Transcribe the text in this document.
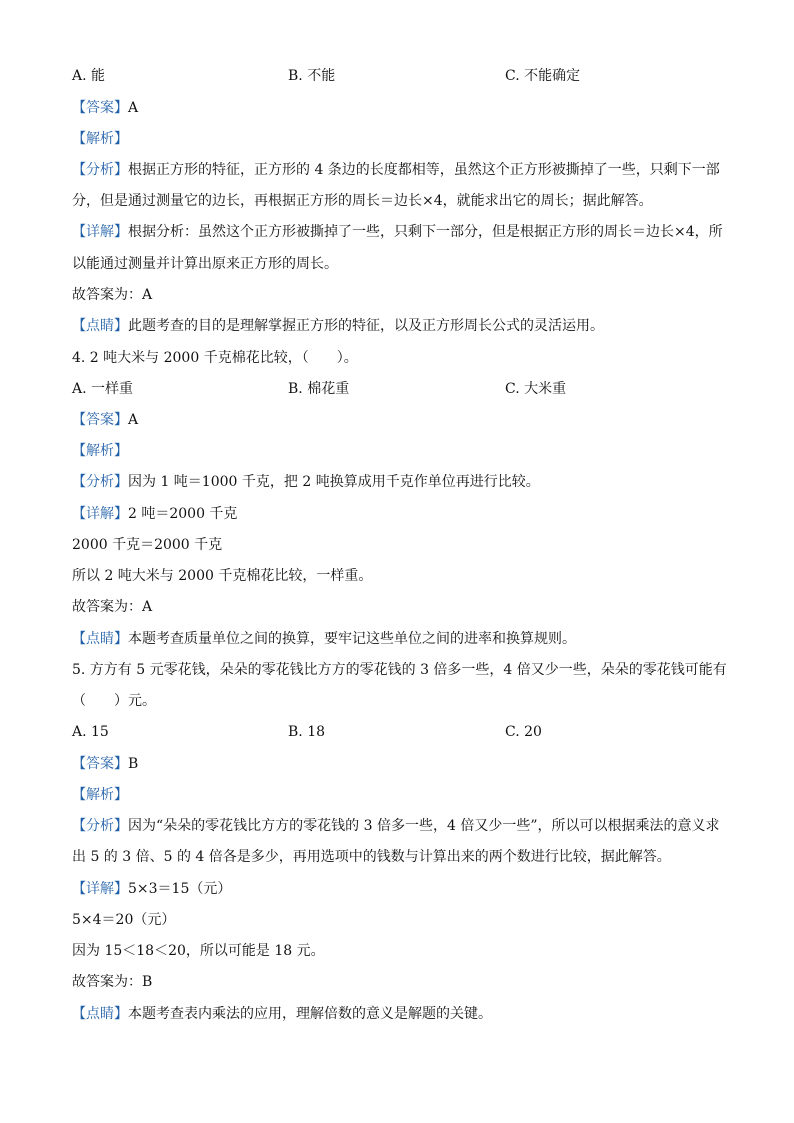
A. 能	B. 不能	C. 不能确定
【答案】A
【解析】
【分析】根据正方形的特征，正方形的 4 条边的长度都相等，虽然这个正方形被撕掉了一些，只剩下一部
分，但是通过测量它的边长，再根据正方形的周长＝边长×4，就能求出它的周长；据此解答。
【详解】根据分析：虽然这个正方形被撕掉了一些，只剩下一部分，但是根据正方形的周长＝边长×4，所
以能通过测量并计算出原来正方形的周长。
故答案为：A
【点睛】此题考查的目的是理解掌握正方形的特征，以及正方形周长公式的灵活运用。
4. 2 吨大米与 2000 千克棉花比较，（　　）。
A. 一样重	B. 棉花重	C. 大米重
【答案】A
【解析】
【分析】因为 1 吨＝1000 千克，把 2 吨换算成用千克作单位再进行比较。
【详解】2 吨＝2000 千克
2000 千克＝2000 千克
所以 2 吨大米与 2000 千克棉花比较，一样重。
故答案为：A
【点睛】本题考查质量单位之间的换算，要牢记这些单位之间的进率和换算规则。
5. 方方有 5 元零花钱，朵朵的零花钱比方方的零花钱的 3 倍多一些，4 倍又少一些，朵朵的零花钱可能有
（　　）元。
A. 15	B. 18	C. 20
【答案】B
【解析】
【分析】因为“朵朵的零花钱比方方的零花钱的 3 倍多一些，4 倍又少一些”，所以可以根据乘法的意义求
出 5 的 3 倍、5 的 4 倍各是多少，再用选项中的钱数与计算出来的两个数进行比较，据此解答。
【详解】5×3＝15（元）
5×4＝20（元）
因为 15＜18＜20，所以可能是 18 元。
故答案为：B
【点睛】本题考查表内乘法的应用，理解倍数的意义是解题的关键。
